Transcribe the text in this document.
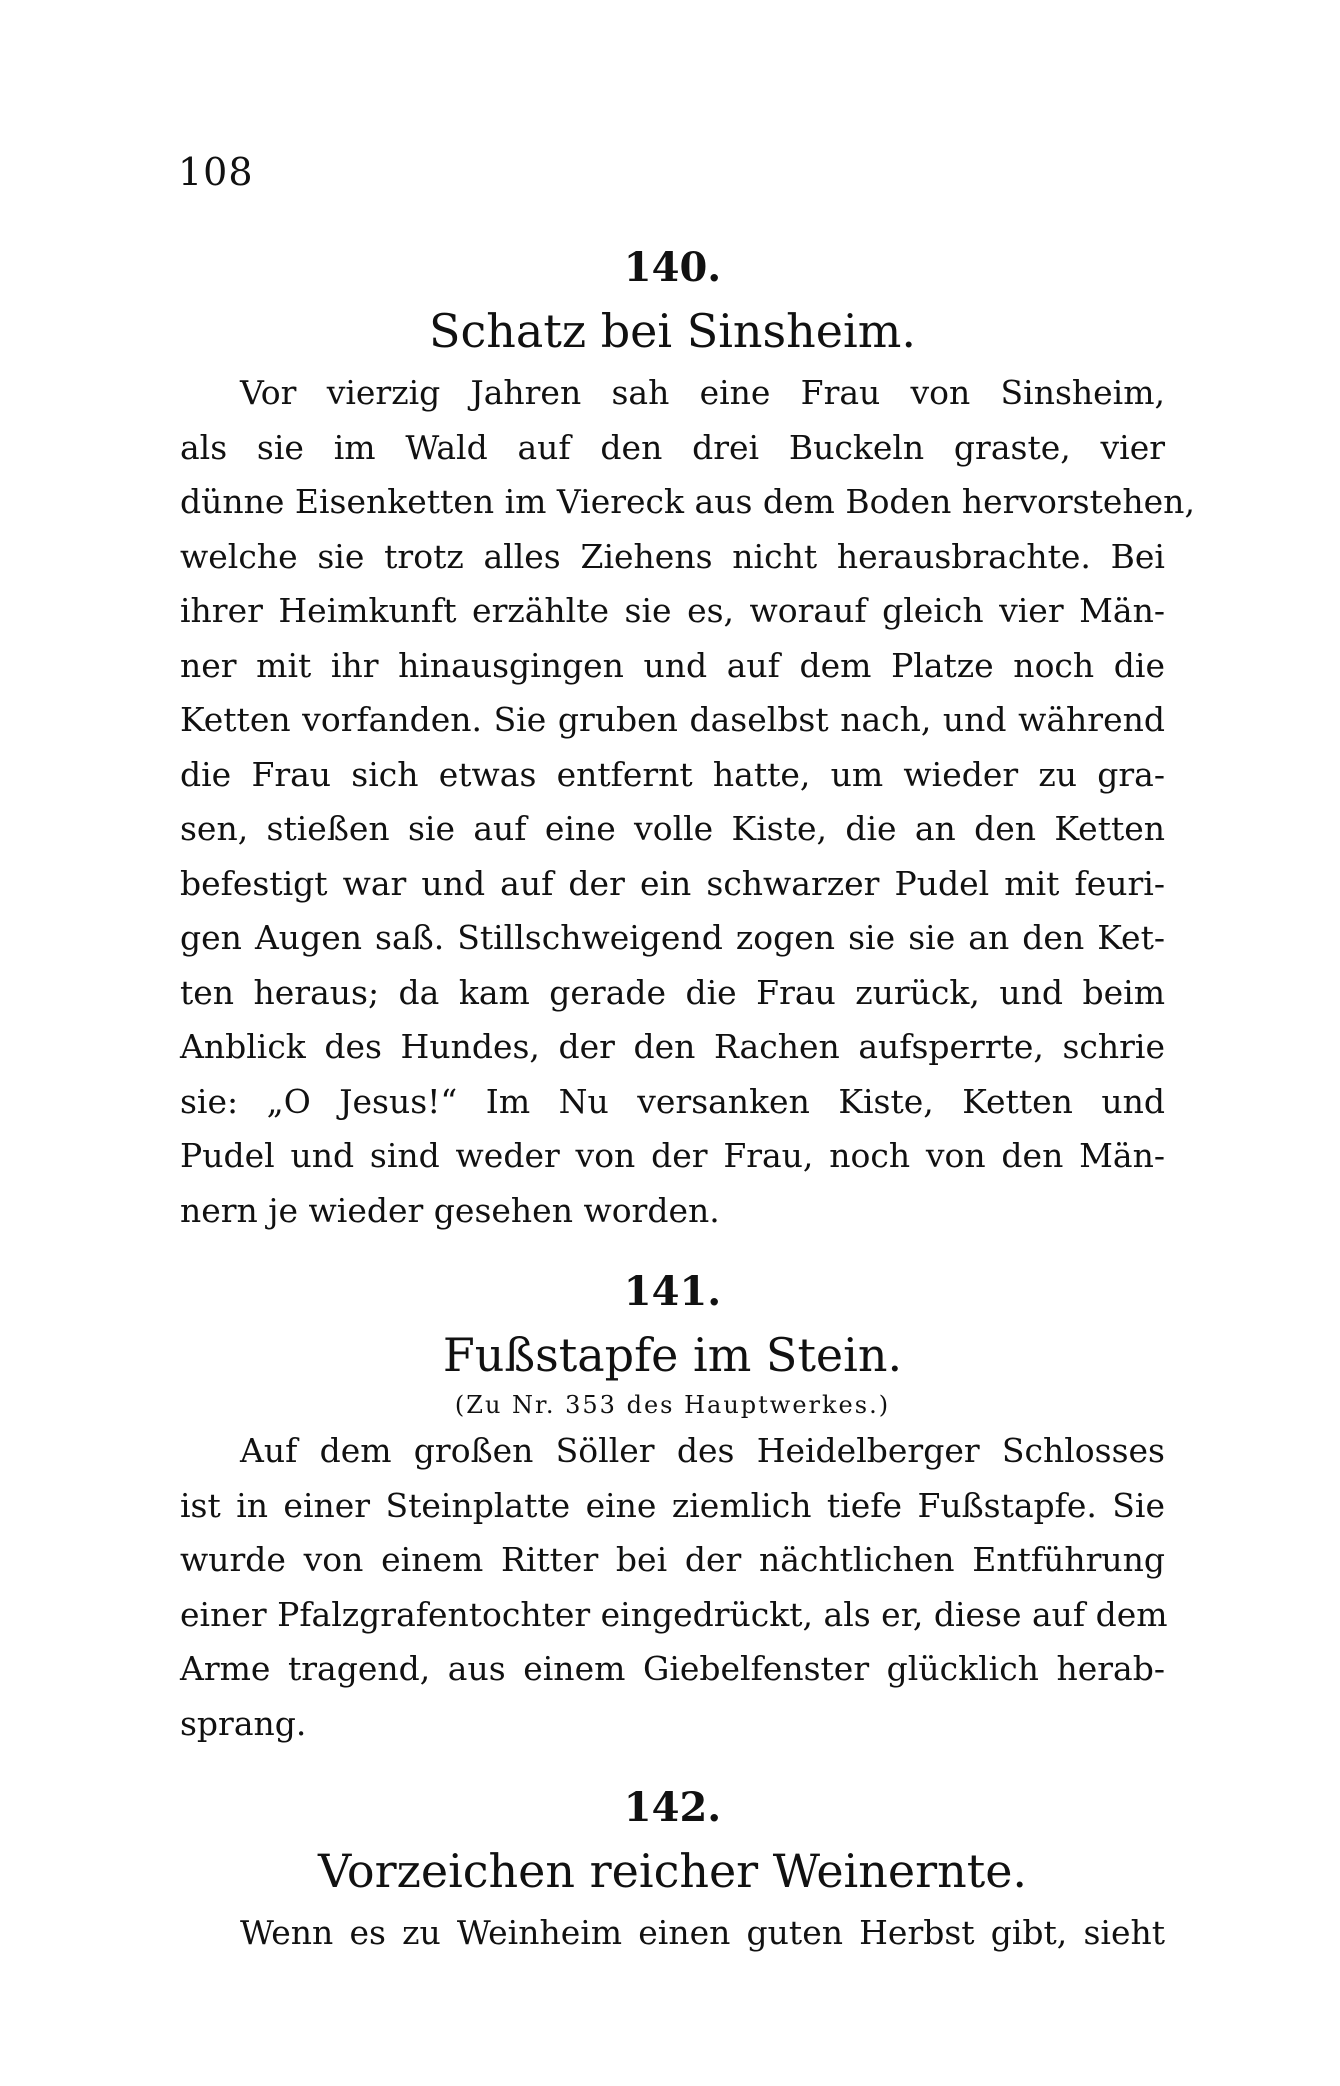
108
140.
Schatz bei Sinsheim.
Vor vierzig Jahren sah eine Frau von Sinsheim,
als sie im Wald auf den drei Buckeln graste, vier
dünne Eisenketten im Viereck aus dem Boden hervorstehen,
welche sie trotz alles Ziehens nicht herausbrachte. Bei
ihrer Heimkunft erzählte sie es, worauf gleich vier Män-
ner mit ihr hinausgingen und auf dem Platze noch die
Ketten vorfanden. Sie gruben daselbst nach, und während
die Frau sich etwas entfernt hatte, um wieder zu gra-
sen, stießen sie auf eine volle Kiste, die an den Ketten
befestigt war und auf der ein schwarzer Pudel mit feuri-
gen Augen saß. Stillschweigend zogen sie sie an den Ket-
ten heraus; da kam gerade die Frau zurück, und beim
Anblick des Hundes, der den Rachen aufsperrte, schrie
sie: „O Jesus!“ Im Nu versanken Kiste, Ketten und
Pudel und sind weder von der Frau, noch von den Män-
nern je wieder gesehen worden.
141.
Fußstapfe im Stein.
(Zu Nr. 353 des Hauptwerkes.)
Auf dem großen Söller des Heidelberger Schlosses
ist in einer Steinplatte eine ziemlich tiefe Fußstapfe. Sie
wurde von einem Ritter bei der nächtlichen Entführung
einer Pfalzgrafentochter eingedrückt, als er, diese auf dem
Arme tragend, aus einem Giebelfenster glücklich herab-
sprang.
142.
Vorzeichen reicher Weinernte.
Wenn es zu Weinheim einen guten Herbst gibt, sieht
